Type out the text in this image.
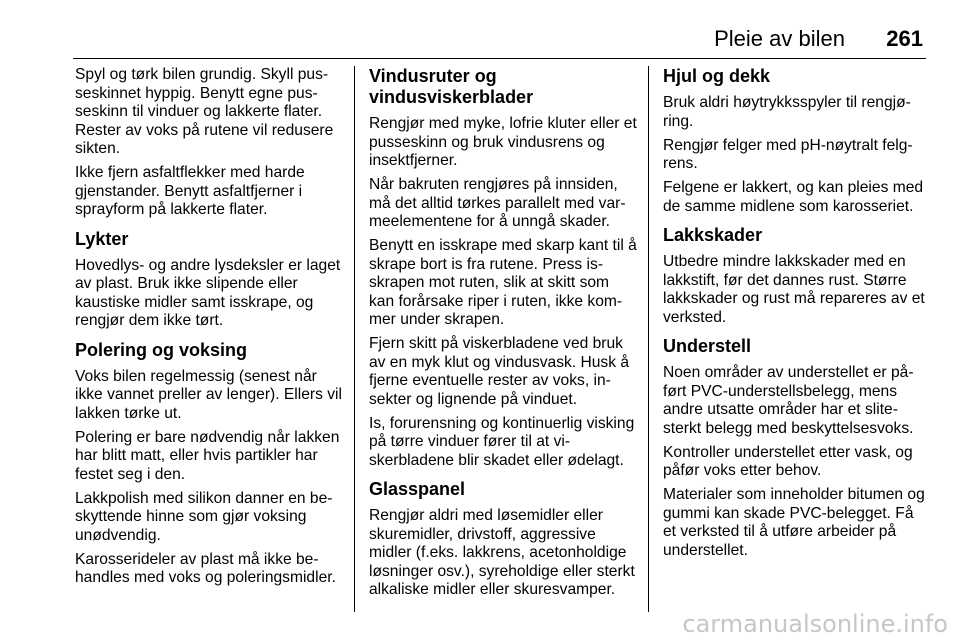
Pleie av bilen 261

Spyl og tørk bilen grundig. Skyll pusseskinnet hyppig. Benytt egne pusseskinn til vinduer og lakkerte flater. Rester av voks på rutene vil redusere sikten.

Ikke fjern asfaltflekker med harde gjenstander. Benytt asfaltfjerner i sprayform på lakkerte flater.

Lykter

Hovedlys- og andre lysdeksler er laget av plast. Bruk ikke slipende eller kaustiske midler samt isskrape, og rengjør dem ikke tørt.

Polering og voksing

Voks bilen regelmessig (senest når ikke vannet preller av lenger). Ellers vil lakken tørke ut.

Polering er bare nødvendig når lakken har blitt matt, eller hvis partikler har festet seg i den.

Lakkpolish med silikon danner en beskyttende hinne som gjør voksing unødvendig.

Karosserideler av plast må ikke behandles med voks og poleringsmidler.

Vindusruter og vindusviskerblader

Rengjør med myke, lofrie kluter eller et pusseskinn og bruk vindusrens og insektfjerner.

Når bakruten rengjøres på innsiden, må det alltid tørkes parallelt med varmeelementene for å unngå skader.

Benytt en isskrape med skarp kant til å skrape bort is fra rutene. Press isskrapen mot ruten, slik at skitt som kan forårsake riper i ruten, ikke kommer under skrapen.

Fjern skitt på viskerbladene ved bruk av en myk klut og vindusvask. Husk å fjerne eventuelle rester av voks, insekter og lignende på vinduet.

Is, forurensning og kontinuerlig visking på tørre vinduer fører til at viskerbladene blir skadet eller ødelagt.

Glasspanel

Rengjør aldri med løsemidler eller skuremidler, drivstoff, aggressive midler (f.eks. lakkrens, acetonholdige løsninger osv.), syreholdige eller sterkt alkaliske midler eller skuresvamper.

Hjul og dekk

Bruk aldri høytrykksspyler til rengjøring.

Rengjør felger med pH-nøytralt felgrens.

Felgene er lakkert, og kan pleies med de samme midlene som karosseriet.

Lakkskader

Utbedre mindre lakkskader med en lakkstift, før det dannes rust. Større lakkskader og rust må repareres av et verksted.

Understell

Noen områder av understellet er påført PVC-understellsbelegg, mens andre utsatte områder har et slitesterkt belegg med beskyttelsesvoks.

Kontroller understellet etter vask, og påfør voks etter behov.

Materialer som inneholder bitumen og gummi kan skade PVC-belegget. Få et verksted til å utføre arbeider på understellet.

carmanualsonline.info
